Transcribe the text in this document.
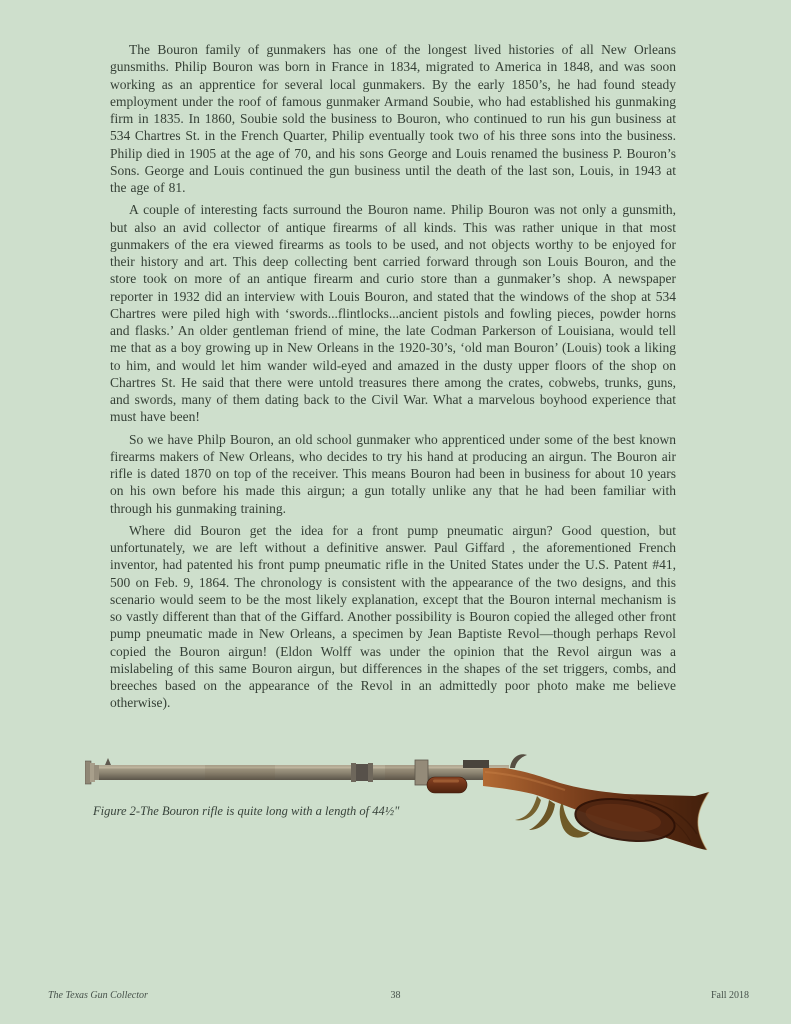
The Bouron family of gunmakers has one of the longest lived histories of all New Orleans gunsmiths. Philip Bouron was born in France in 1834, migrated to America in 1848, and was soon working as an apprentice for several local gunmakers. By the early 1850’s, he had found steady employment under the roof of famous gunmaker Armand Soubie, who had established his gunmaking firm in 1835. In 1860, Soubie sold the business to Bouron, who continued to run his gun business at 534 Chartres St. in the French Quarter, Philip eventually took two of his three sons into the business. Philip died in 1905 at the age of 70, and his sons George and Louis renamed the business P. Bouron’s Sons. George and Louis continued the gun business until the death of the last son, Louis, in 1943 at the age of 81.

A couple of interesting facts surround the Bouron name. Philip Bouron was not only a gunsmith, but also an avid collector of antique firearms of all kinds. This was rather unique in that most gunmakers of the era viewed firearms as tools to be used, and not objects worthy to be enjoyed for their history and art. This deep collecting bent carried forward through son Louis Bouron, and the store took on more of an antique firearm and curio store than a gunmaker’s shop. A newspaper reporter in 1932 did an interview with Louis Bouron, and stated that the windows of the shop at 534 Chartres were piled high with ‘swords...flintlocks...ancient pistols and fowling pieces, powder horns and flasks.’ An older gentleman friend of mine, the late Codman Parkerson of Louisiana, would tell me that as a boy growing up in New Orleans in the 1920-30’s, ‘old man Bouron’ (Louis) took a liking to him, and would let him wander wild-eyed and amazed in the dusty upper floors of the shop on Chartres St. He said that there were untold treasures there among the crates, cobwebs, trunks, guns, and swords, many of them dating back to the Civil War. What a marvelous boyhood experience that must have been!

So we have Philp Bouron, an old school gunmaker who apprenticed under some of the best known firearms makers of New Orleans, who decides to try his hand at producing an airgun. The Bouron air rifle is dated 1870 on top of the receiver. This means Bouron had been in business for about 10 years on his own before his made this airgun; a gun totally unlike any that he had been familiar with through his gunmaking training.

Where did Bouron get the idea for a front pump pneumatic airgun? Good question, but unfortunately, we are left without a definitive answer. Paul Giffard , the aforementioned French inventor, had patented his front pump pneumatic rifle in the United States under the U.S. Patent #41, 500 on Feb. 9, 1864. The chronology is consistent with the appearance of the two designs, and this scenario would seem to be the most likely explanation, except that the Bouron internal mechanism is so vastly different than that of the Giffard. Another possibility is Bouron copied the alleged other front pump pneumatic made in New Orleans, a specimen by Jean Baptiste Revol—though perhaps Revol copied the Bouron airgun! (Eldon Wolff was under the opinion that the Revol airgun was a mislabeling of this same Bouron airgun, but differences in the shapes of the set triggers, combs, and breeches based on the appearance of the Revol in an admittedly poor photo make me believe otherwise).

Figure 2-The Bouron rifle is quite long with a length of 44½"
The Texas Gun Collector	38	Fall 2018
